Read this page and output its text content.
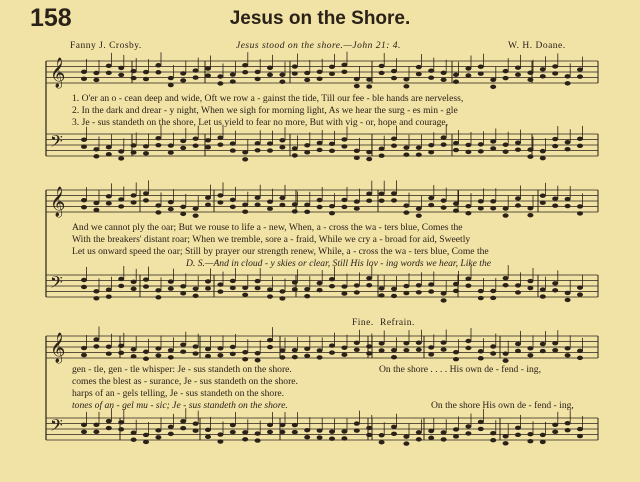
𝄞
𝄢
𝄞
𝄢
𝄞
𝄢
158	Jesus on the Shore.
Fanny J. Crosby.	Jesus stood on the shore.—John 21: 4.	W. H. Doane.
1. O'er an o - cean deep and wide, Oft we row a - gainst the tide, Till our fee - ble hands are nerveless,
2. In the dark and drear - y night, When we sigh for morning light, As we hear the surg - es min - gle
3. Je - sus standeth on the shore, Let us yield to fear no more, But with vig - or, hope and courage,
And we cannot ply the oar; But we rouse to life a - new, When, a - cross the wa - ters blue, Comes the
With the breakers' distant roar; When we tremble, sore a - fraid, While we cry a - broad for aid, Sweetly
Let us onward speed the oar; Still by prayer our strength renew, While, a - cross the wa - ters blue, Come the
D. S.—And in cloud - y skies or clear, Still His lov - ing words we hear, Like the
Fine. Refrain.
gen - tle, gen - tle whisper: Je - sus standeth on the shore.
comes the blest as - surance, Je - sus standeth on the shore.
harps of an - gels telling, Je - sus standeth on the shore.
tones of an - gel mu - sic; Je - sus standeth on the shore.
On the shore . . . . His own de - fend - ing,
On the shore His own de - fend - ing,
